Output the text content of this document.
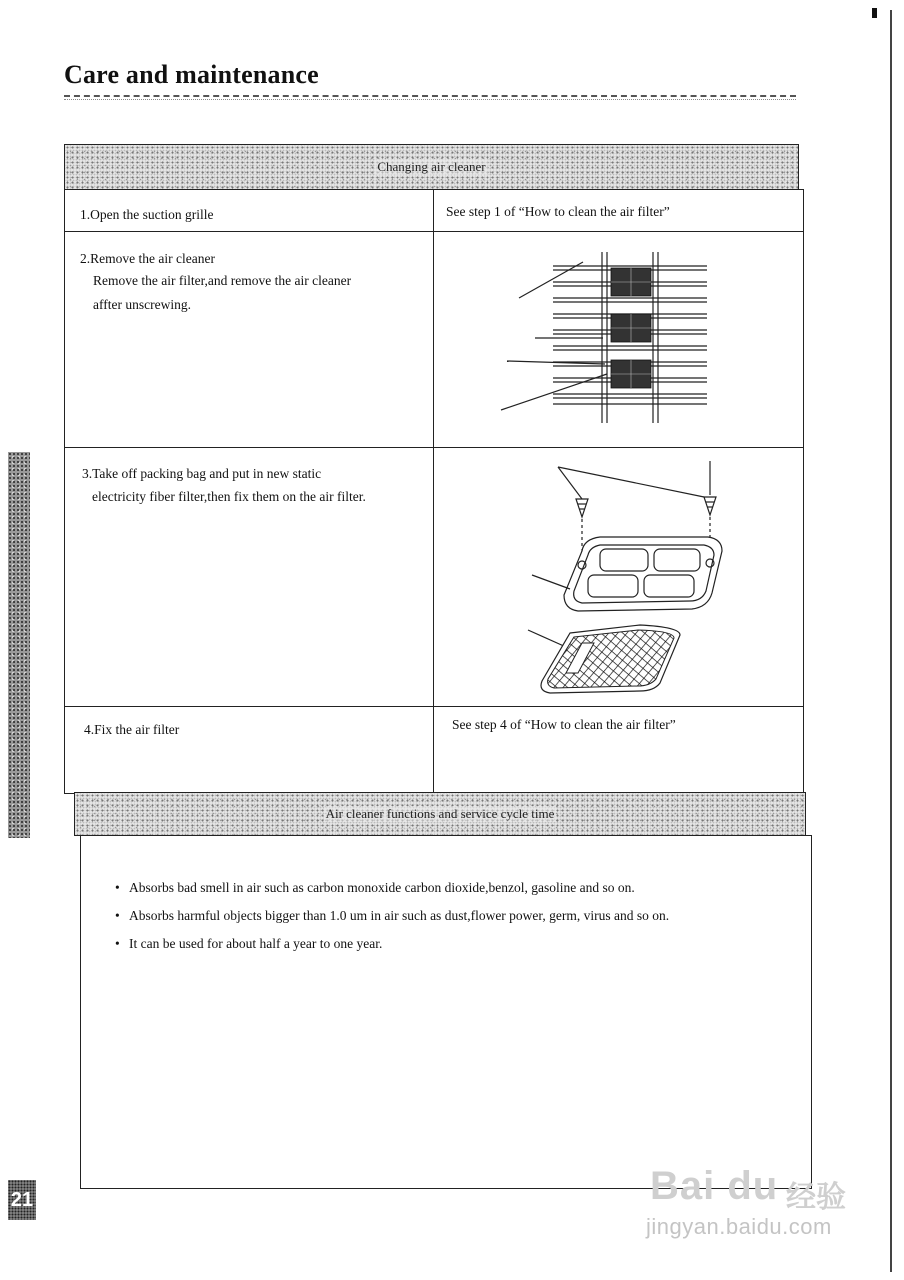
Care and maintenance
21
Changing air cleaner
1.Open the suction grille	See step 1 of “How to clean the air filter”
2.Remove the air cleaner
Remove the air filter,and remove the air cleaner
affter unscrewing.
3.Take off packing bag and put in new static
electricity fiber filter,then fix them on the air filter.
4.Fix the air filter	See step 4 of “How to clean the air filter”
Air cleaner functions and service cycle time
• Absorbs bad smell in air such as carbon monoxide carbon dioxide,benzol, gasoline and so on.
• Absorbs harmful objects bigger than 1.0 um in air such as dust,flower power, germ, virus and so on.
• It can be used for about half a year to one year.
Bai du 经验
jingyan.baidu.com
